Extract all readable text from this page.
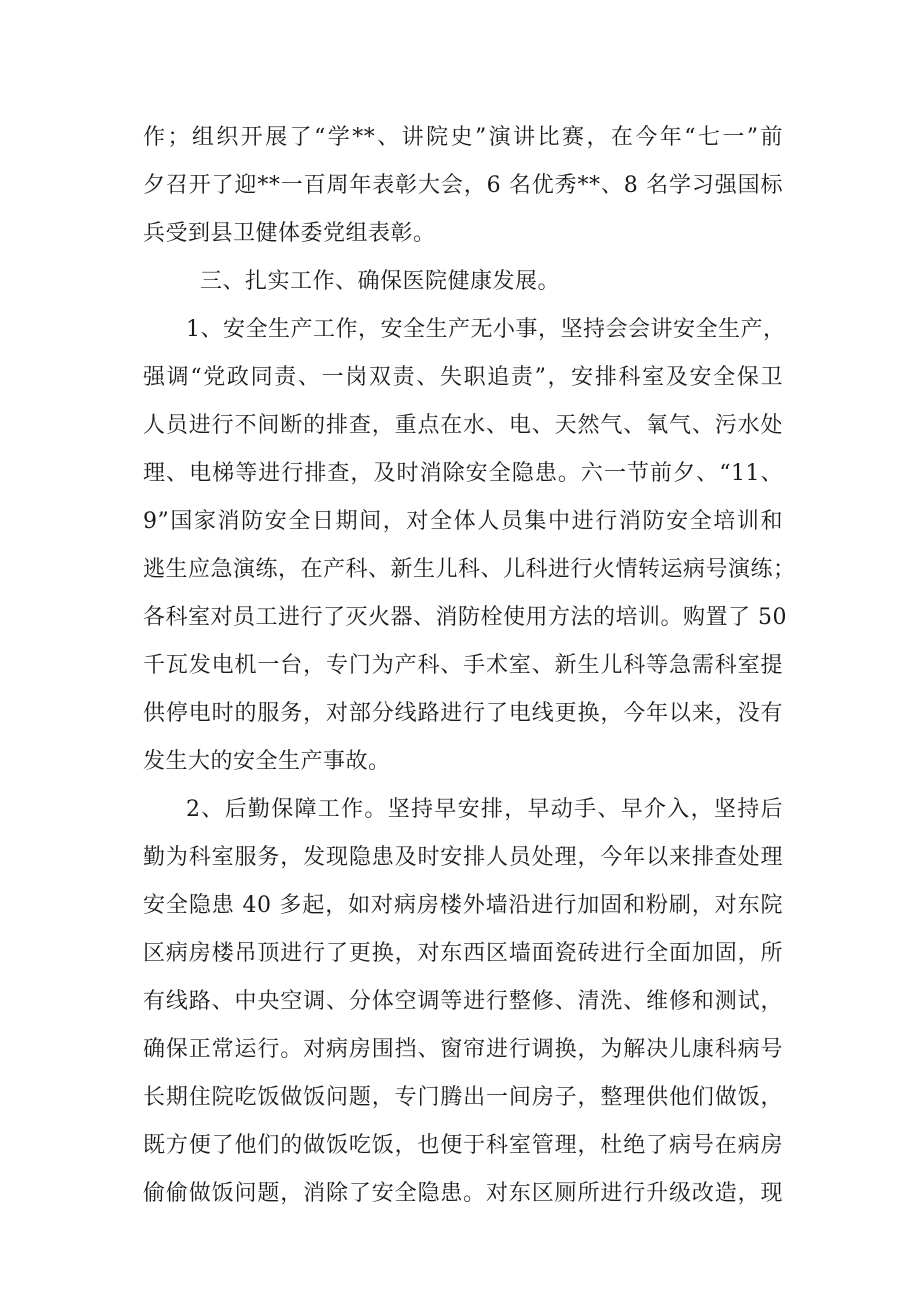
作；组织开展了“学**、讲院史”演讲比赛，在今年“七一”前
夕召开了迎**一百周年表彰大会，6 名优秀**、8 名学习强国标
兵受到县卫健体委党组表彰。
三、扎实工作、确保医院健康发展。
1、安全生产工作，安全生产无小事，坚持会会讲安全生产，
强调“党政同责、一岗双责、失职追责”，安排科室及安全保卫
人员进行不间断的排查，重点在水、电、天然气、氧气、污水处
理、电梯等进行排查，及时消除安全隐患。六一节前夕、“11、
9”国家消防安全日期间，对全体人员集中进行消防安全培训和
逃生应急演练，在产科、新生儿科、儿科进行火情转运病号演练；
各科室对员工进行了灭火器、消防栓使用方法的培训。购置了 50
千瓦发电机一台，专门为产科、手术室、新生儿科等急需科室提
供停电时的服务，对部分线路进行了电线更换，今年以来，没有
发生大的安全生产事故。
2、后勤保障工作。坚持早安排，早动手、早介入，坚持后
勤为科室服务，发现隐患及时安排人员处理，今年以来排查处理
安全隐患 40 多起，如对病房楼外墙沿进行加固和粉刷，对东院
区病房楼吊顶进行了更换，对东西区墙面瓷砖进行全面加固，所
有线路、中央空调、分体空调等进行整修、清洗、维修和测试，
确保正常运行。对病房围挡、窗帘进行调换，为解决儿康科病号
长期住院吃饭做饭问题，专门腾出一间房子，整理供他们做饭，
既方便了他们的做饭吃饭，也便于科室管理，杜绝了病号在病房
偷偷做饭问题，消除了安全隐患。对东区厕所进行升级改造，现
